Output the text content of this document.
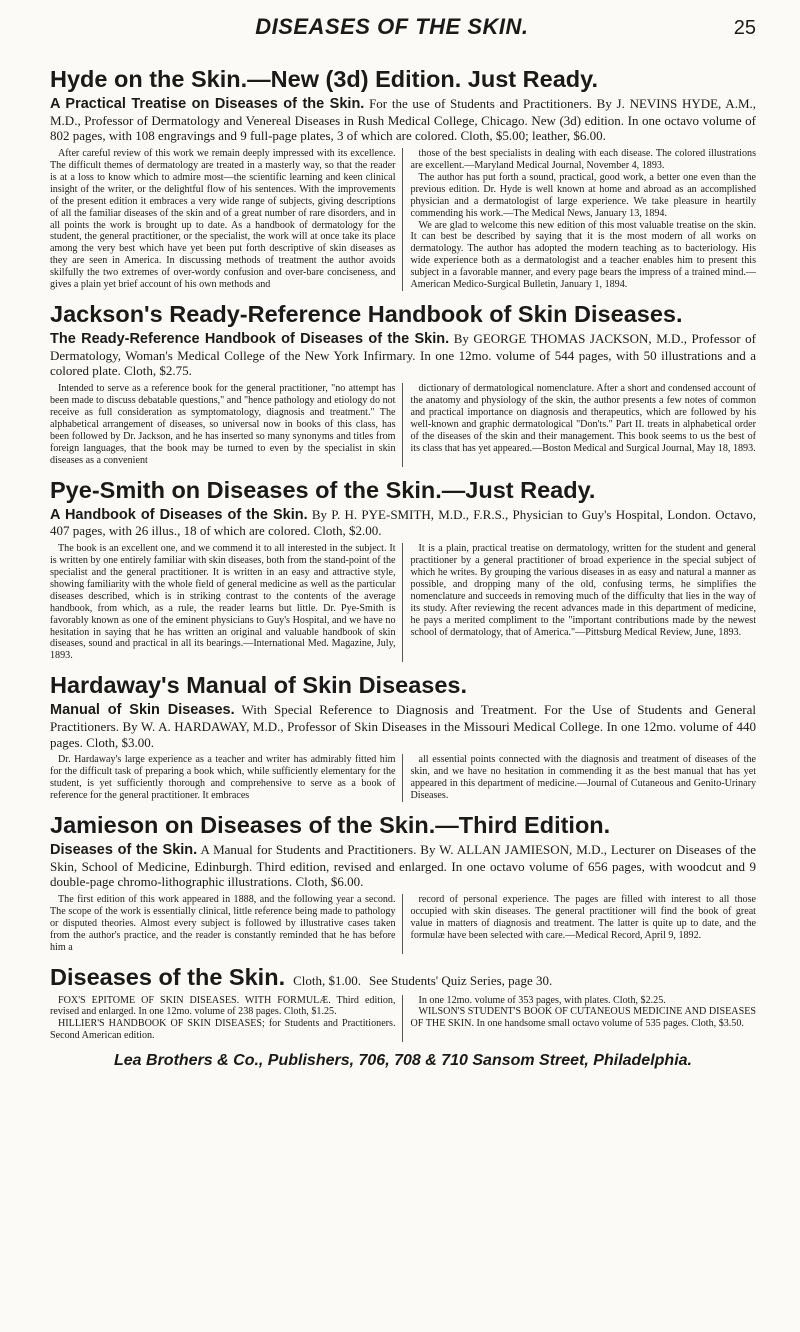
DISEASES OF THE SKIN.	25
Hyde on the Skin.—New (3d) Edition. Just Ready.
A Practical Treatise on Diseases of the Skin. For the use of Students and Practitioners. By J. NEVINS HYDE, A.M., M.D., Professor of Dermatology and Venereal Diseases in Rush Medical College, Chicago. New (3d) edition. In one octavo volume of 802 pages, with 108 engravings and 9 full-page plates, 3 of which are colored. Cloth, $5.00; leather, $6.00.

After careful review of this work we remain deeply impressed with its excellence. The difficult themes of dermatology are treated in a masterly way, so that the reader is at a loss to know which to admire most—the scientific learning and keen clinical insight of the writer, or the delightful flow of his sentences. With the improvements of the present edition it embraces a very wide range of subjects, giving descriptions of all the familiar diseases of the skin and of a great number of rare disorders, and in all points the work is brought up to date. As a handbook of dermatology for the student, the general practitioner, or the specialist, the work will at once take its place among the very best which have yet been put forth descriptive of skin diseases as they are seen in America. In discussing methods of treatment the author avoids skilfully the two extremes of over-wordy confusion and over-bare conciseness, and gives a plain yet brief account of his own methods and

those of the best specialists in dealing with each disease. The colored illustrations are excellent.—Maryland Medical Journal, November 4, 1893.

The author has put forth a sound, practical, good work, a better one even than the previous edition. Dr. Hyde is well known at home and abroad as an accomplished physician and a dermatologist of large experience. We take pleasure in heartily commending his work.—The Medical News, January 13, 1894.

We are glad to welcome this new edition of this most valuable treatise on the skin. It can best be described by saying that it is the most modern of all works on dermatology. The author has adopted the modern teaching as to bacteriology. His wide experience both as a dermatologist and a teacher enables him to present this subject in a favorable manner, and every page bears the impress of a trained mind.—American Medico-Surgical Bulletin, January 1, 1894.

Jackson's Ready-Reference Handbook of Skin Diseases.
The Ready-Reference Handbook of Diseases of the Skin. By GEORGE THOMAS JACKSON, M.D., Professor of Dermatology, Woman's Medical College of the New York Infirmary. In one 12mo. volume of 544 pages, with 50 illustrations and a colored plate. Cloth, $2.75.

Intended to serve as a reference book for the general practitioner, "no attempt has been made to discuss debatable questions," and "hence pathology and etiology do not receive as full consideration as symptomatology, diagnosis and treatment." The alphabetical arrangement of diseases, so universal now in books of this class, has been followed by Dr. Jackson, and he has inserted so many synonyms and titles from foreign languages, that the book may be turned to even by the specialist in skin diseases as a convenient

dictionary of dermatological nomenclature. After a short and condensed account of the anatomy and physiology of the skin, the author presents a few notes of common and practical importance on diagnosis and therapeutics, which are followed by his well-known and graphic dermatological "Don'ts." Part II. treats in alphabetical order of the diseases of the skin and their management. This book seems to us the best of its class that has yet appeared.—Boston Medical and Surgical Journal, May 18, 1893.

Pye-Smith on Diseases of the Skin.—Just Ready.
A Handbook of Diseases of the Skin. By P. H. PYE-SMITH, M.D., F.R.S., Physician to Guy's Hospital, London. Octavo, 407 pages, with 26 illus., 18 of which are colored. Cloth, $2.00.

The book is an excellent one, and we commend it to all interested in the subject. It is written by one entirely familiar with skin diseases, both from the stand-point of the specialist and the general practitioner. It is written in an easy and attractive style, showing familiarity with the whole field of general medicine as well as the particular diseases described, which is in striking contrast to the contents of the average handbook, from which, as a rule, the reader learns but little. Dr. Pye-Smith is favorably known as one of the eminent physicians to Guy's Hospital, and we have no hesitation in saying that he has written an original and valuable handbook of skin diseases, sound and practical in all its bearings.—International Med. Magazine, July, 1893.

It is a plain, practical treatise on dermatology, written for the student and general practitioner by a general practitioner of broad experience in the special subject of which he writes. By grouping the various diseases in as easy and natural a manner as possible, and dropping many of the old, confusing terms, he simplifies the nomenclature and succeeds in removing much of the difficulty that lies in the way of its study. After reviewing the recent advances made in this department of medicine, he pays a merited compliment to the "important contributions made by the newest school of dermatology, that of America."—Pittsburg Medical Review, June, 1893.

Hardaway's Manual of Skin Diseases.
Manual of Skin Diseases. With Special Reference to Diagnosis and Treatment. For the Use of Students and General Practitioners. By W. A. HARDAWAY, M.D., Professor of Skin Diseases in the Missouri Medical College. In one 12mo. volume of 440 pages. Cloth, $3.00.

Dr. Hardaway's large experience as a teacher and writer has admirably fitted him for the difficult task of preparing a book which, while sufficiently elementary for the student, is yet sufficiently thorough and comprehensive to serve as a book of reference for the general practitioner. It embraces

all essential points connected with the diagnosis and treatment of diseases of the skin, and we have no hesitation in commending it as the best manual that has yet appeared in this department of medicine.—Journal of Cutaneous and Genito-Urinary Diseases.

Jamieson on Diseases of the Skin.—Third Edition.
Diseases of the Skin. A Manual for Students and Practitioners. By W. ALLAN JAMIESON, M.D., Lecturer on Diseases of the Skin, School of Medicine, Edinburgh. Third edition, revised and enlarged. In one octavo volume of 656 pages, with woodcut and 9 double-page chromo-lithographic illustrations. Cloth, $6.00.

The first edition of this work appeared in 1888, and the following year a second. The scope of the work is essentially clinical, little reference being made to pathology or disputed theories. Almost every subject is followed by illustrative cases taken from the author's practice, and the reader is constantly reminded that he has before him a

record of personal experience. The pages are filled with interest to all those occupied with skin diseases. The general practitioner will find the book of great value in matters of diagnosis and treatment. The latter is quite up to date, and the formulæ have been selected with care.—Medical Record, April 9, 1892.

Diseases of the Skin. Cloth, $1.00. See Students' Quiz Series, page 30.

FOX'S EPITOME OF SKIN DISEASES. WITH FORMULÆ. Third edition, revised and enlarged. In one 12mo. volume of 238 pages. Cloth, $1.25.

HILLIER'S HANDBOOK OF SKIN DISEASES; for Students and Practitioners. Second American edition.

In one 12mo. volume of 353 pages, with plates. Cloth, $2.25.

WILSON'S STUDENT'S BOOK OF CUTANEOUS MEDICINE AND DISEASES OF THE SKIN. In one handsome small octavo volume of 535 pages. Cloth, $3.50.

Lea Brothers & Co., Publishers, 706, 708 & 710 Sansom Street, Philadelphia.
